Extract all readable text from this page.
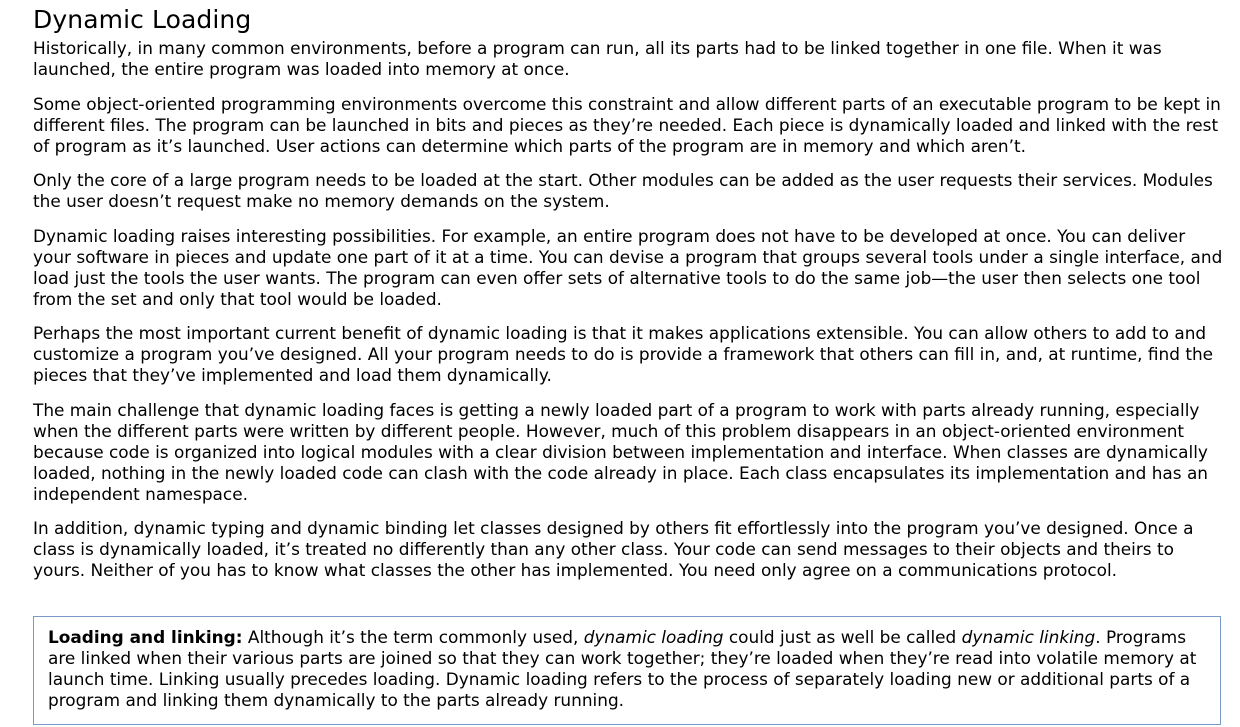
Dynamic Loading

Historically, in many common environments, before a program can run, all its parts had to be linked together in one file. When it was launched, the entire program was loaded into memory at once.

Some object-oriented programming environments overcome this constraint and allow different parts of an executable program to be kept in different files. The program can be launched in bits and pieces as they’re needed. Each piece is dynamically loaded and linked with the rest of program as it’s launched. User actions can determine which parts of the program are in memory and which aren’t.

Only the core of a large program needs to be loaded at the start. Other modules can be added as the user requests their services. Modules the user doesn’t request make no memory demands on the system.

Dynamic loading raises interesting possibilities. For example, an entire program does not have to be developed at once. You can deliver your software in pieces and update one part of it at a time. You can devise a program that groups several tools under a single interface, and load just the tools the user wants. The program can even offer sets of alternative tools to do the same job—the user then selects one tool from the set and only that tool would be loaded.

Perhaps the most important current benefit of dynamic loading is that it makes applications extensible. You can allow others to add to and customize a program you’ve designed. All your program needs to do is provide a framework that others can fill in, and, at runtime, find the pieces that they’ve implemented and load them dynamically.

The main challenge that dynamic loading faces is getting a newly loaded part of a program to work with parts already running, especially when the different parts were written by different people. However, much of this problem disappears in an object-oriented environment because code is organized into logical modules with a clear division between implementation and interface. When classes are dynamically loaded, nothing in the newly loaded code can clash with the code already in place. Each class encapsulates its implementation and has an independent namespace.

In addition, dynamic typing and dynamic binding let classes designed by others fit effortlessly into the program you’ve designed. Once a class is dynamically loaded, it’s treated no differently than any other class. Your code can send messages to their objects and theirs to yours. Neither of you has to know what classes the other has implemented. You need only agree on a communications protocol.

Loading and linking: Although it’s the term commonly used, dynamic loading could just as well be called dynamic linking. Programs are linked when their various parts are joined so that they can work together; they’re loaded when they’re read into volatile memory at launch time. Linking usually precedes loading. Dynamic loading refers to the process of separately loading new or additional parts of a program and linking them dynamically to the parts already running.
